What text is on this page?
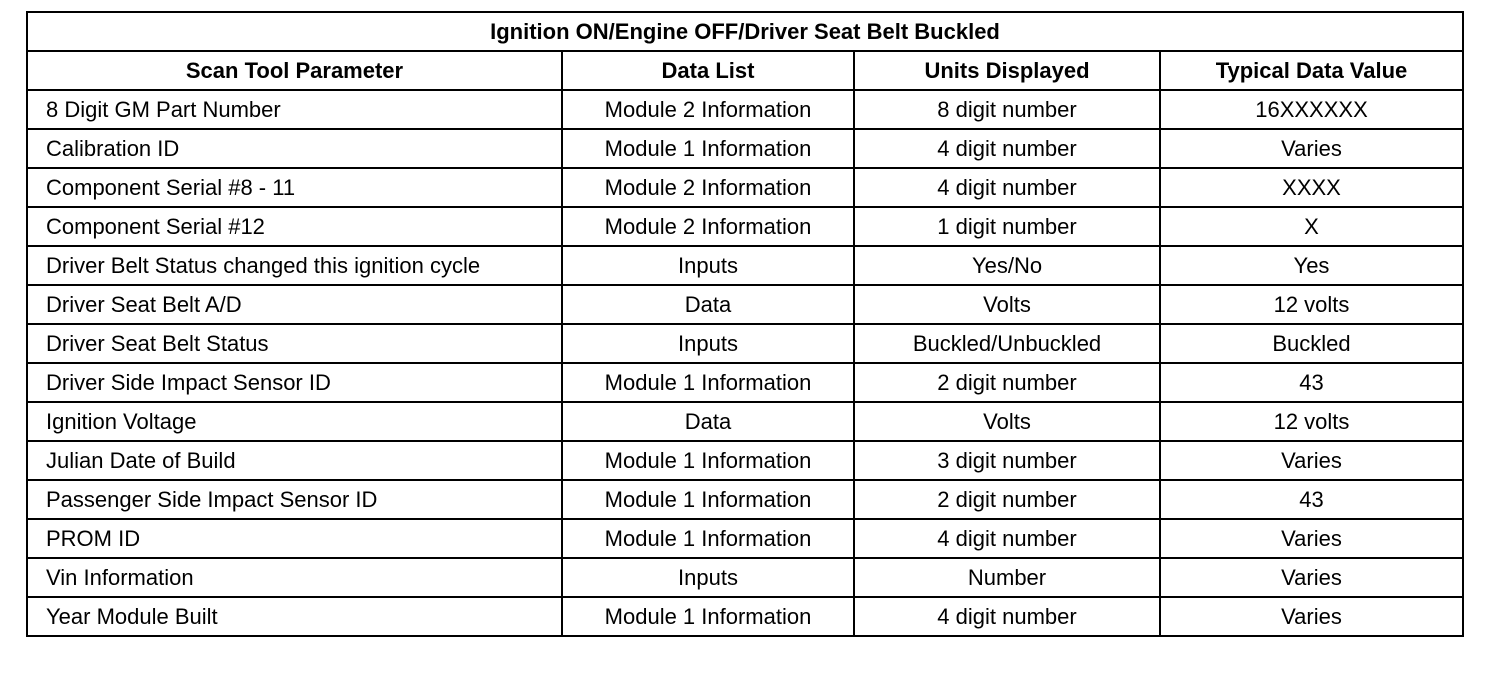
Ignition ON/Engine OFF/Driver Seat Belt Buckled			
Scan Tool Parameter	Data List	Units Displayed	Typical Data Value
8 Digit GM Part Number	Module 2 Information	8 digit number	16XXXXXX
Calibration ID	Module 1 Information	4 digit number	Varies
Component Serial #8 - 11	Module 2 Information	4 digit number	XXXX
Component Serial #12	Module 2 Information	1 digit number	X
Driver Belt Status changed this ignition cycle	Inputs	Yes/No	Yes
Driver Seat Belt A/D	Data	Volts	12 volts
Driver Seat Belt Status	Inputs	Buckled/Unbuckled	Buckled
Driver Side Impact Sensor ID	Module 1 Information	2 digit number	43
Ignition Voltage	Data	Volts	12 volts
Julian Date of Build	Module 1 Information	3 digit number	Varies
Passenger Side Impact Sensor ID	Module 1 Information	2 digit number	43
PROM ID	Module 1 Information	4 digit number	Varies
Vin Information	Inputs	Number	Varies
Year Module Built	Module 1 Information	4 digit number	Varies
